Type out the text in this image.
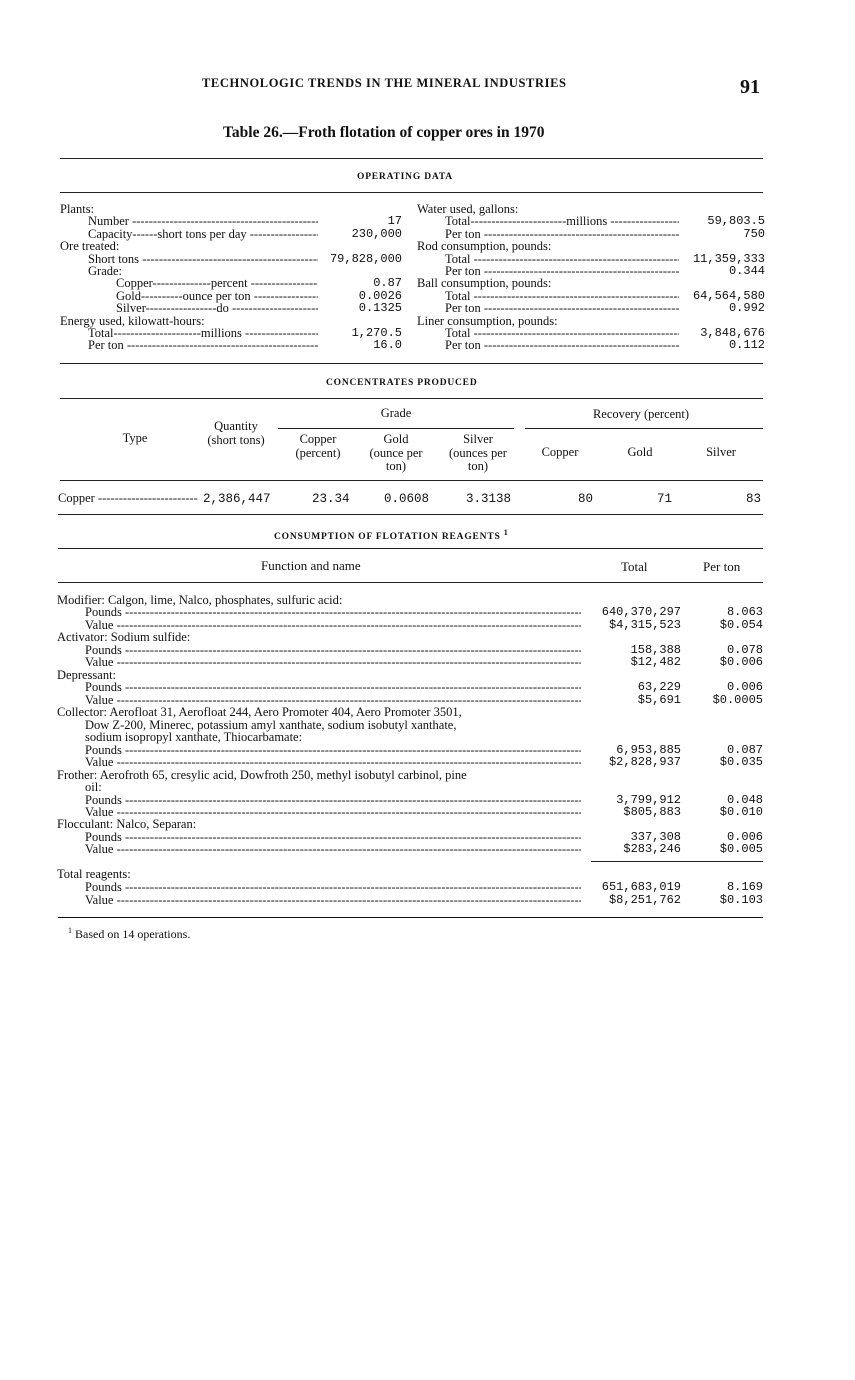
TECHNOLOGIC TRENDS IN THE MINERAL INDUSTRIES	91
Table 26.—Froth flotation of copper ores in 1970
OPERATING DATA
Plants:
Number -----	17
Capacity------short tons per day -----	230,000
Ore treated:
Short tons -----	79,828,000
Grade:
Copper--------------percent -----	0.87
Gold----------ounce per ton -----	0.0026
Silver-----------------do -----	0.1325
Energy used, kilowatt-hours:
Total---------------------millions -----	1,270.5
Per ton -----	16.0
Water used, gallons:
Total-----------------------millions -----	59,803.5
Per ton -----	750
Rod consumption, pounds:
Total -----	11,359,333
Per ton -----	0.344
Ball consumption, pounds:
Total -----	64,564,580
Per ton -----	0.992
Liner consumption, pounds:
Total -----	3,848,676
Per ton -----	0.112
CONCENTRATES PRODUCED
Type
Quantity (short tons)
Grade
Copper (percent)
Gold (ounce per ton)
Silver (ounces per ton)
Recovery (percent)
Copper	Gold	Silver
Copper -----	2,386,447	23.34	0.0608	3.3138	80	71	83
CONSUMPTION OF FLOTATION REAGENTS $^1$
Function and name	Total	Per ton
Modifier: Calgon, lime, Nalco, phosphates, sulfuric acid:
Pounds -----	640,370,297	8.063
Value -----	$4,315,523	$0.054
Activator: Sodium sulfide:
Pounds -----	158,388	0.078
Value -----	$12,482	$0.006
Depressant:
Pounds -----	63,229	0.006
Value -----	$5,691	$0.0005
Collector: Aerofloat 31, Aerofloat 244, Aero Promoter 404, Aero Promoter 3501,
Dow Z-200, Minerec, potassium amyl xanthate, sodium isobutyl xanthate,
sodium isopropyl xanthate, Thiocarbamate:
Pounds -----	6,953,885	0.087
Value -----	$2,828,937	$0.035
Frother: Aerofroth 65, cresylic acid, Dowfroth 250, methyl isobutyl carbinol, pine
oil:
Pounds -----	3,799,912	0.048
Value -----	$805,883	$0.010
Flocculant: Nalco, Separan:
Pounds -----	337,308	0.006
Value -----	$283,246	$0.005
Total reagents:
Pounds -----	651,683,019	8.169
Value -----	$8,251,762	$0.103
$^1$ Based on 14 operations.
